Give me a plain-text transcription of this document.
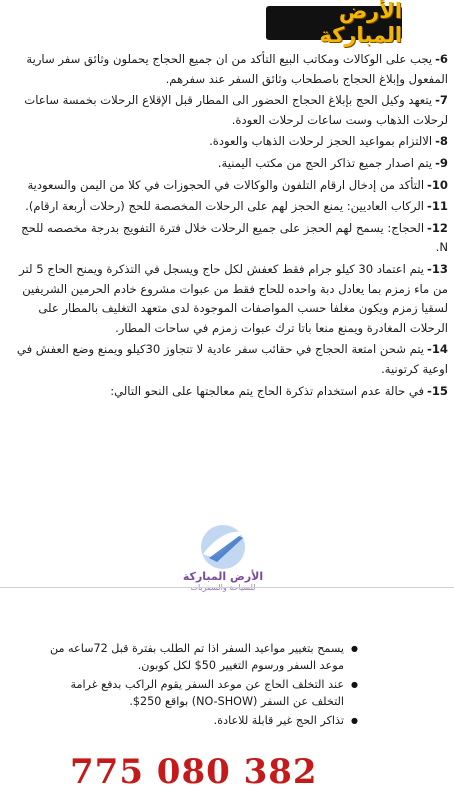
الأرض المباركة
6-يجب على الوكالات ومكاتب البيع التأكد من ان جميع الحجاج يحملون وثائق سفر سارية المفعول وإبلاغ الحجاج باصطحاب وثائق السفر عند سفرهم.
7-يتعهد وكيل الحج بإبلاغ الحجاج الحضور الى المطار قبل الإقلاع الرحلات بخمسة ساعات لرحلات الذهاب وست ساعات لرحلات العودة.
8-الالتزام بمواعيد الحجز لرحلات الذهاب والعودة.
9-يتم اصدار جميع تذاكر الحج من مكتب اليمنية.
10-التأكد من إدخال ارقام التلفون والوكالات في الحجوزات في كلا من اليمن والسعودية
11-الركاب العاديين: يمنع الحجز لهم على الرحلات المخصصة للحج (رحلات أربعة ارقام).
12-الحجاج: يسمح لهم الحجز على جميع الرحلات خلال فترة التفويج بدرجة مخصصه للحج N.
13-يتم اعتماد 30 كيلو جرام فقط كعفش لكل حاج ويسجل في التذكرة ويمنح الحاج 5 لتر من ماء زمزم بما يعادل دبة واحده للحاج فقط من عبوات مشروع خادم الحرمين الشريفين لسقيا زمزم ويكون مغلفا حسب المواصفات الموجودة لدى متعهد التغليف بالمطار على الرحلات المغادرة ويمنع منعا باتا ترك عبوات زمزم في ساحات المطار.
14-يتم شحن امتعة الحجاج في حقائب سفر عادية لا تتجاوز 30كيلو ويمنع وضع العفش في اوعية كرتونية.
15-في حالة عدم استخدام تذكرة الحاج يتم معالجتها على النحو التالي:
الأرض المباركة
● يسمح بتغيير مواعيد السفر اذا تم الطلب بفترة قبل 72ساعه من موعد السفر ورسوم التغيير 50$ لكل كوبون.
● عند التخلف الحاج عن موعد السفر يقوم الراكب بدفع غرامة التخلف عن السفر (NO-SHOW) بواقع 250$.
● تذاكر الحج غير قابلة للاعادة.
775 080 382
